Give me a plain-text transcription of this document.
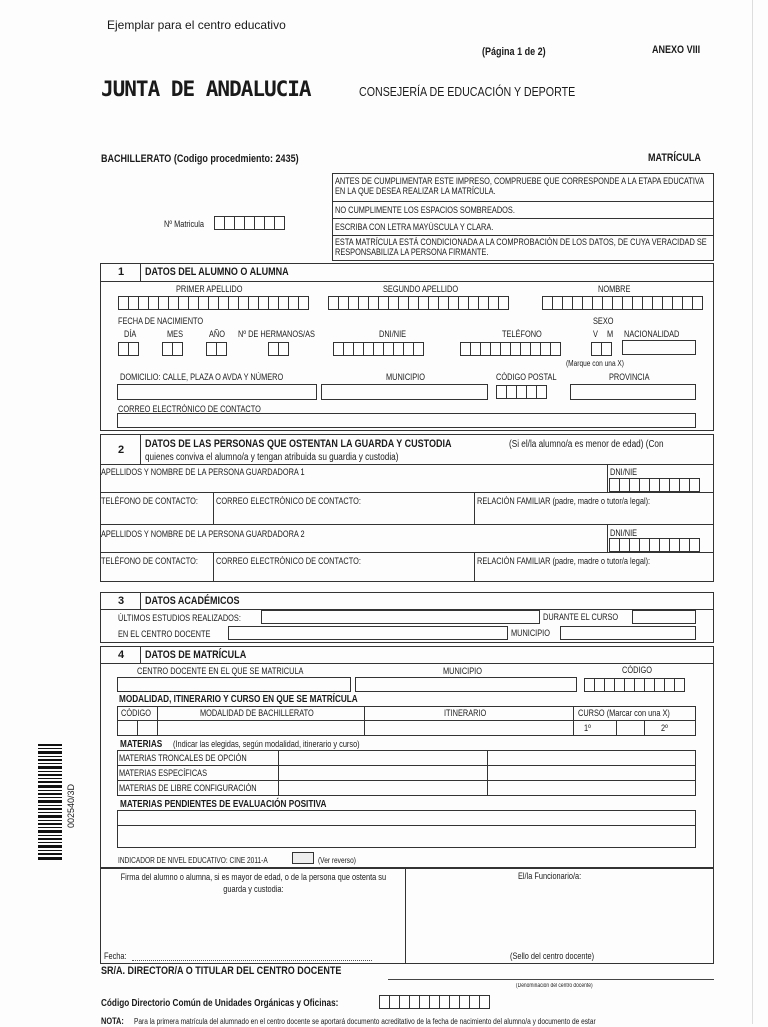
Ejemplar para el centro educativo
(Página 1 de 2)	ANEXO VIII
JUNTA DE ANDALUCIA	CONSEJERÍA DE EDUCACIÓN Y DEPORTE
BACHILLERATO (Codigo procedmiento: 2435)	MATRÍCULA
ANTES DE CUMPLIMENTAR ESTE IMPRESO, COMPRUEBE QUE CORRESPONDE A LA ETAPA EDUCATIVA EN LA QUE DESEA REALIZAR LA MATRÍCULA.
NO CUMPLIMENTE LOS ESPACIOS SOMBREADOS.
ESCRIBA CON LETRA MAYÚSCULA Y CLARA.
ESTA MATRÍCULA ESTÁ CONDICIONADA A LA COMPROBACIÓN DE LOS DATOS, DE CUYA VERACIDAD SE RESPONSABILIZA LA PERSONA FIRMANTE.
Nº Matricula
1 DATOS DEL ALUMNO O ALUMNA
PRIMER APELLIDO	SEGUNDO APELLIDO	NOMBRE
FECHA DE NACIMIENTO	SEXO
DÍA	MES	AÑO Nº DE HERMANOS/AS	DNI/NIE	TELÉFONO	V M NACIONALIDAD
(Marque con una X)
DOMICILIO: CALLE, PLAZA O AVDA Y NÚMERO	MUNICIPIO	CÓDIGO POSTAL	PROVINCIA
CORREO ELECTRÓNICO DE CONTACTO
2 DATOS DE LAS PERSONAS QUE OSTENTAN LA GUARDA Y CUSTODIA	(Si el/la alumno/a es menor de edad) (Con
quienes conviva el alumno/a y tengan atribuida su guardia y custodia)
APELLIDOS Y NOMBRE DE LA PERSONA GUARDADORA 1	DNI/NIE
TELÉFONO DE CONTACTO: CORREO ELECTRÓNICO DE CONTACTO:	RELACIÓN FAMILIAR (padre, madre o tutor/a legal):
APELLIDOS Y NOMBRE DE LA PERSONA GUARDADORA 2	DNI/NIE
TELÉFONO DE CONTACTO: CORREO ELECTRÓNICO DE CONTACTO:	RELACIÓN FAMILIAR (padre, madre o tutor/a legal):
3 DATOS ACADÉMICOS
ÚLTIMOS ESTUDIOS REALIZADOS:	DURANTE EL CURSO
EN EL CENTRO DOCENTE	MUNICIPIO
4 DATOS DE MATRÍCULA
CENTRO DOCENTE EN EL QUE SE MATRICULA	MUNICIPIO	CÓDIGO
MODALIDAD, ITINERARIO Y CURSO EN QUE SE MATRÍCULA
CÓDIGO	MODALIDAD DE BACHILLERATO	ITINERARIO	CURSO (Marcar con una X)
1º	2º
MATERIAS (Indicar las elegidas, según modalidad, itinerario y curso)
MATERIAS TRONCALES DE OPCIÓN
MATERIAS ESPECÍFICAS
MATERIAS DE LIBRE CONFIGURACIÓN
MATERIAS PENDIENTES DE EVALUACIÓN POSITIVA
INDICADOR DE NIVEL EDUCATIVO: CINE 2011-A	(Ver reverso)
Firma del alumno o alumna, si es mayor de edad, o de la persona que ostenta su guarda y custodia:
El/la Funcionario/a:
Fecha:	(Sello del centro docente)
SR/A. DIRECTOR/A O TITULAR DEL CENTRO DOCENTE
(Denominación del centro docente)
Código Directorio Común de Unidades Orgánicas y Oficinas:
NOTA: Para la primera matrícula del alumnado en el centro docente se aportará documento acreditativo de la fecha de nacimiento del alumno/a y documento de estar
002540/3D
